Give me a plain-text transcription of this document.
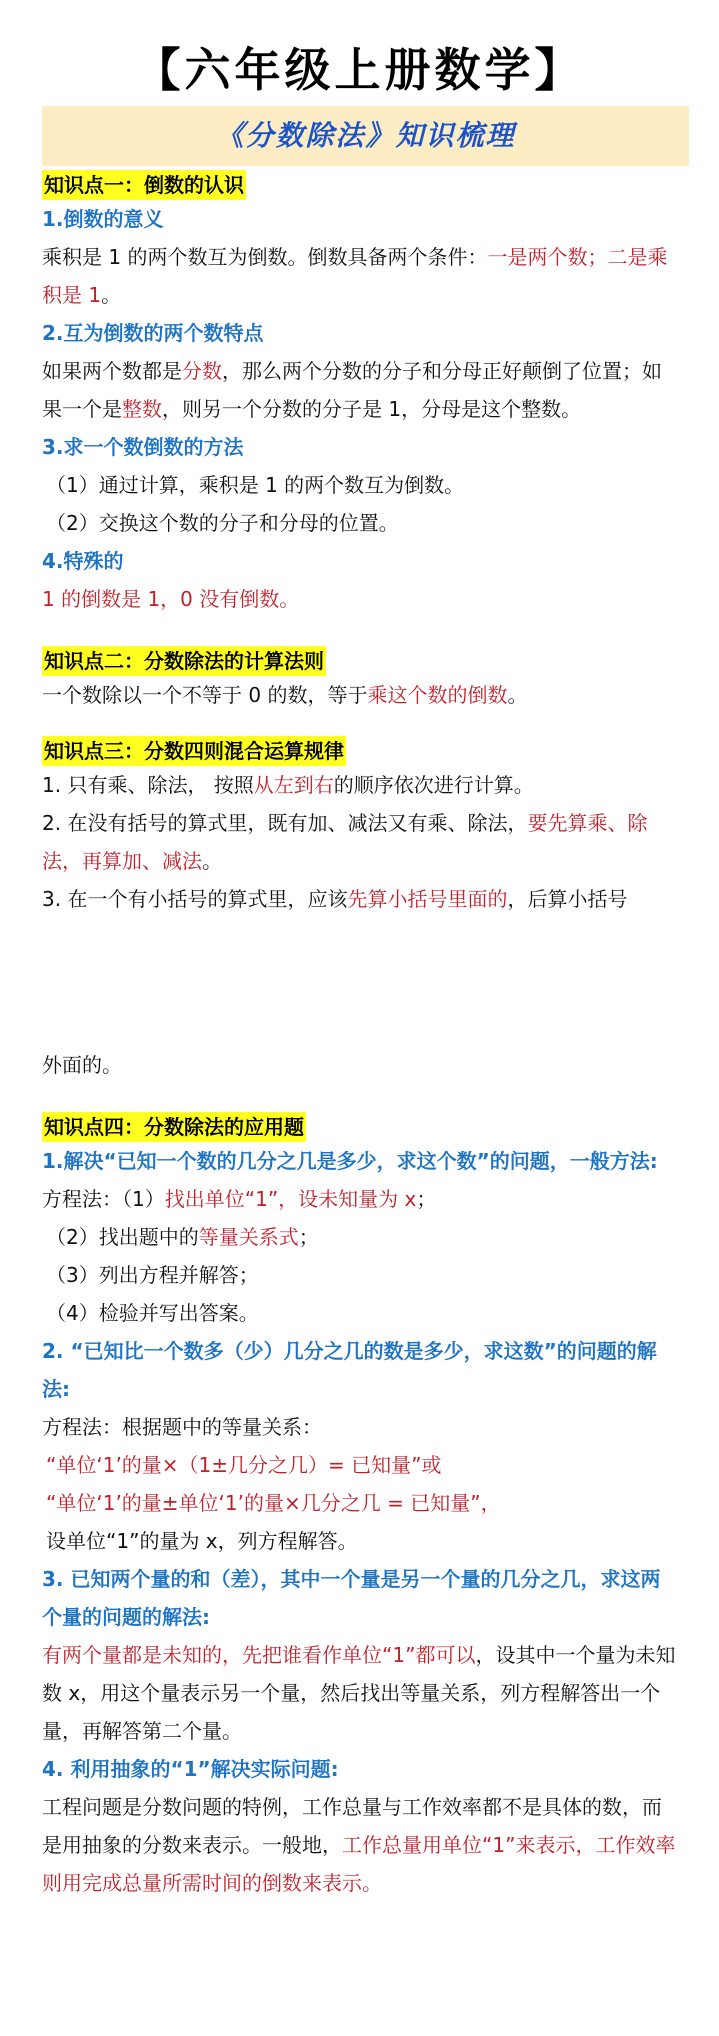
【六年级上册数学】
《分数除法》知识梳理
知识点一：倒数的认识
1.倒数的意义

乘积是 1 的两个数互为倒数。倒数具备两个条件：一是两个数；二是乘积是 1。

2.互为倒数的两个数特点

如果两个数都是分数，那么两个分数的分子和分母正好颠倒了位置；如果一个是整数，则另一个分数的分子是 1，分母是这个整数。

3.求一个数倒数的方法

（1）通过计算，乘积是 1 的两个数互为倒数。

（2）交换这个数的分子和分母的位置。

4.特殊的

1 的倒数是 1，0 没有倒数。

知识点二：分数除法的计算法则

一个数除以一个不等于 0 的数，等于乘这个数的倒数。

知识点三：分数四则混合运算规律

1. 只有乘、除法， 按照从左到右的顺序依次进行计算。

2. 在没有括号的算式里，既有加、减法又有乘、除法，要先算乘、除法，再算加、减法。

3. 在一个有小括号的算式里，应该先算小括号里面的，后算小括号

外面的。

知识点四：分数除法的应用题
1.解决“已知一个数的几分之几是多少，求这个数”的问题，一般方法:

方程法：（1）找出单位“1”，设未知量为 x；

（2）找出题中的等量关系式；

（3）列出方程并解答；

（4）检验并写出答案。

2. “已知比一个数多（少）几分之几的数是多少，求这数”的问题的解法:

方程法：根据题中的等量关系：

“单位‘1’的量×（1±几分之几）= 已知量”或

“单位‘1’的量±单位‘1’的量×几分之几 = 已知量”，

设单位“1”的量为 x，列方程解答。

3. 已知两个量的和（差），其中一个量是另一个量的几分之几，求这两个量的问题的解法:

有两个量都是未知的，先把谁看作单位“1”都可以，设其中一个量为未知数 x，用这个量表示另一个量，然后找出等量关系，列方程解答出一个量，再解答第二个量。

4. 利用抽象的“1”解决实际问题:

工程问题是分数问题的特例，工作总量与工作效率都不是具体的数，而是用抽象的分数来表示。一般地，工作总量用单位“1”来表示，工作效率则用完成总量所需时间的倒数来表示。
